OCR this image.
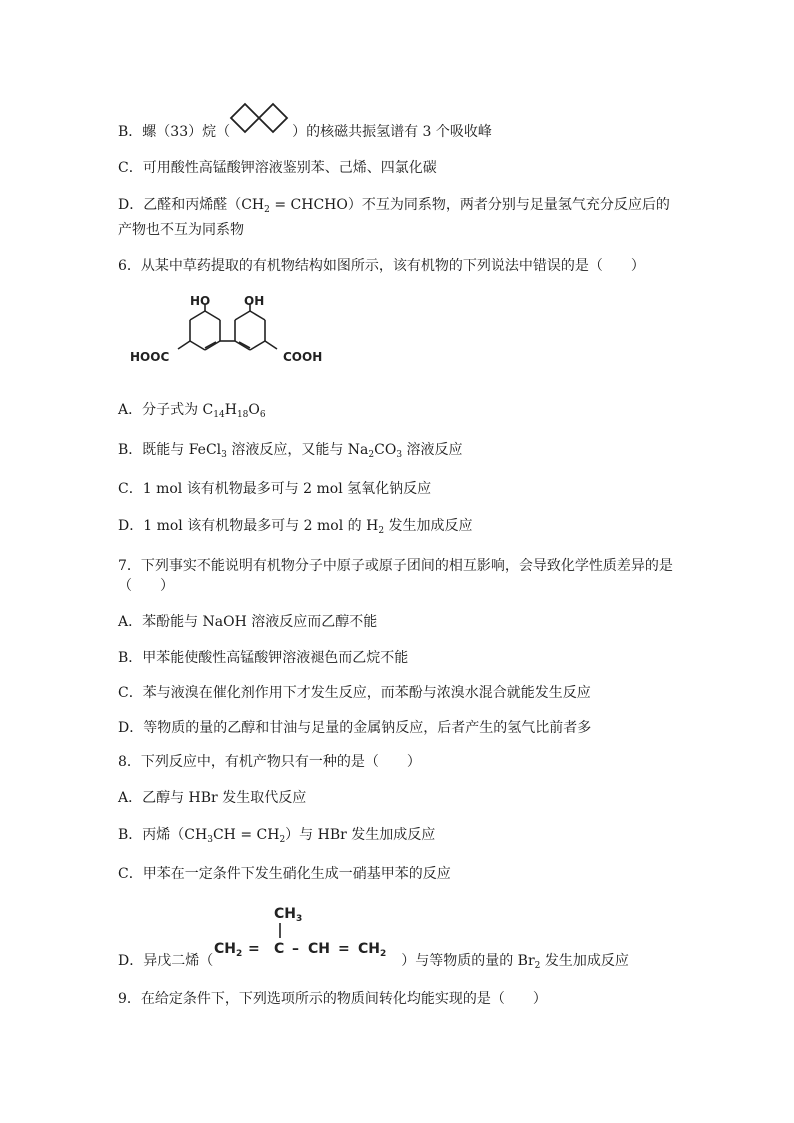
B．螺（33）烷（	）的核磁共振氢谱有 3 个吸收峰
C．可用酸性高锰酸钾溶液鉴别苯、己烯、四氯化碳
D．乙醛和丙烯醛（$CH_2$ = CHCHO）不互为同系物，两者分别与足量氢气充分反应后的
产物也不互为同系物
6．从某中草药提取的有机物结构如图所示，该有机物的下列说法中错误的是（　　）
HO	OH
HOOC	COOH
A．分子式为 $C_{14}H_{18}O_6$
B．既能与 FeCl$_3$ 溶液反应，又能与 $Na_2CO_3$ 溶液反应
C．1 mol 该有机物最多可与 2 mol 氢氧化钠反应
D．1 mol 该有机物最多可与 2 mol 的 $H_2$ 发生加成反应
7．下列事实不能说明有机物分子中原子或原子团间的相互影响，会导致化学性质差异的是
（　　）
A．苯酚能与 NaOH 溶液反应而乙醇不能
B．甲苯能使酸性高锰酸钾溶液褪色而乙烷不能
C．苯与液溴在催化剂作用下才发生反应，而苯酚与浓溴水混合就能发生反应
D．等物质的量的乙醇和甘油与足量的金属钠反应，后者产生的氢气比前者多
8．下列反应中，有机产物只有一种的是（　　）
A．乙醇与 HBr 发生取代反应
B．丙烯$(CH_3CH = CH_2)$与 HBr 发生加成反应
C．甲苯在一定条件下发生硝化生成一硝基甲苯的反应
D．异戊二烯（	）与等物质的量的 $Br_2$ 发生加成反应
$CH_3$
$CH_2 = C$ – CH = $CH_2$
9．在给定条件下，下列选项所示的物质间转化均能实现的是（　　）
